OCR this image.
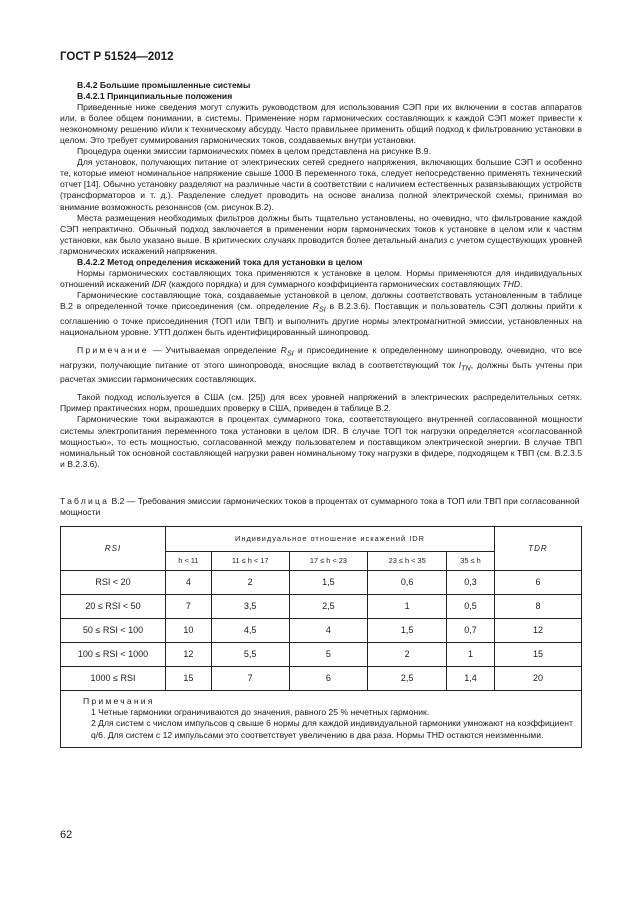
ГОСТ Р 51524—2012

В.4.2 Большие промышленные системы

В.4.2.1 Принципиальные положения

Приведенные ниже сведения могут служить руководством для использования СЭП при их включении в состав аппаратов или, в более общем понимании, в системы. Применение норм гармонических составляющих к каждой СЭП может привести к неэкономному решению и/или к техническому абсурду. Часто правильнее применить общий подход к фильтрованию установки в целом. Это требует суммирования гармонических токов, создаваемых внутри установки.

Процедура оценки эмиссии гармонических помех в целом представлена на рисунке В.9.

Для установок, получающих питание от электрических сетей среднего напряжения, включающих большие СЭП и особенно те, которые имеют номинальное напряжение свыше 1000 В переменного тока, следует непосредственно применять технический отчет [14]. Обычно установку разделяют на различные части в соответствии с наличием естественных развязывающих устройств (трансформаторов и т. д.). Разделение следует проводить на основе анализа полной электрической схемы, принимая во внимание возможность резонансов (см. рисунок В.2).

Места размещения необходимых фильтров должны быть тщательно установлены, но очевидно, что фильтрование каждой СЭП непрактично. Обычный подход заключается в применении норм гармонических токов к установке в целом или к частям установки, как было указано выше. В критических случаях проводится более детальный анализ с учетом существующих уровней гармонических искажений напряжения.

В.4.2.2 Метод определения искажений тока для установки в целом

Нормы гармонических составляющих тока применяются к установке в целом. Нормы применяются для индивидуальных отношений искажений IDR (каждого порядка) и для суммарного коэффициента гармонических составляющих THD.

Гармонические составляющие тока, создаваемые установкой в целом, должны соответствовать установленным в таблице В.2 в определенной точке присоединения (см. определение $R_{SI}$ в В.2.3.6). Поставщик и пользователь СЭП должны прийти к соглашению о точке присоединения (ТОП или ТВП) и выполнить другие нормы электромагнитной эмиссии, установленных на национальном уровне. УТП должен быть идентифицированный шинопровод.

Примечание — Учитываемая определение $R_{SI}$ и присоединение к определенному шинопроводу, очевидно, что все нагрузки, получающие питание от этого шинопровода, вносящие вклад в соответствующий ток $I_{TN}$, должны быть учтены при расчетах эмиссии гармонических составляющих.

Такой подход используется в США (см. [25]) для всех уровней напряжений в электрических распределительных сетях. Пример практических норм, прошедших проверку в США, приведен в таблице В.2.

Гармонические токи выражаются в процентах суммарного тока, соответствующего внутренней согласованной мощности системы электропитания переменного тока установки в целом IDR. В случае ТОП ток нагрузки определяется «согласованной мощностью», то есть мощностью, согласованной между пользователем и поставщиком электрической энергии. В случае ТВП номинальный ток основной составляющей нагрузки равен номинальному току нагрузки в фидере, подходящем к ТВП (см. В.2.3.5 и В.2.3.6).

Таблица В.2 — Требования эмиссии гармонических токов в процентах от суммарного тока в ТОП или ТВП при согласованной мощности

RSI	Индивидуальное отношение искажений IDR					TDR
	h < 11	11 ≤ h < 17	17 ≤ h < 23	23 ≤ h < 35	35 ≤ h	
RSI < 20	4	2	1,5	0,6	0,3	6
20 ≤ RSI < 50	7	3,5	2,5	1	0,5	8
50 ≤ RSI < 100	10	4,5	4	1,5	0,7	12
100 ≤ RSI < 1000	12	5,5	5	2	1	15
1000 ≤ RSI	15	7	6	2,5	1,4	20

Примечания
1 Четные гармоники ограничиваются до значения, равного 25 % нечетных гармоник.
2 Для систем с числом импульсов q свыше 6 нормы для каждой индивидуальной гармоники умножают на коэффициент q/6. Для систем с 12 импульсами это соответствует увеличению в два раза. Нормы THD остаются неизменными.						
62
